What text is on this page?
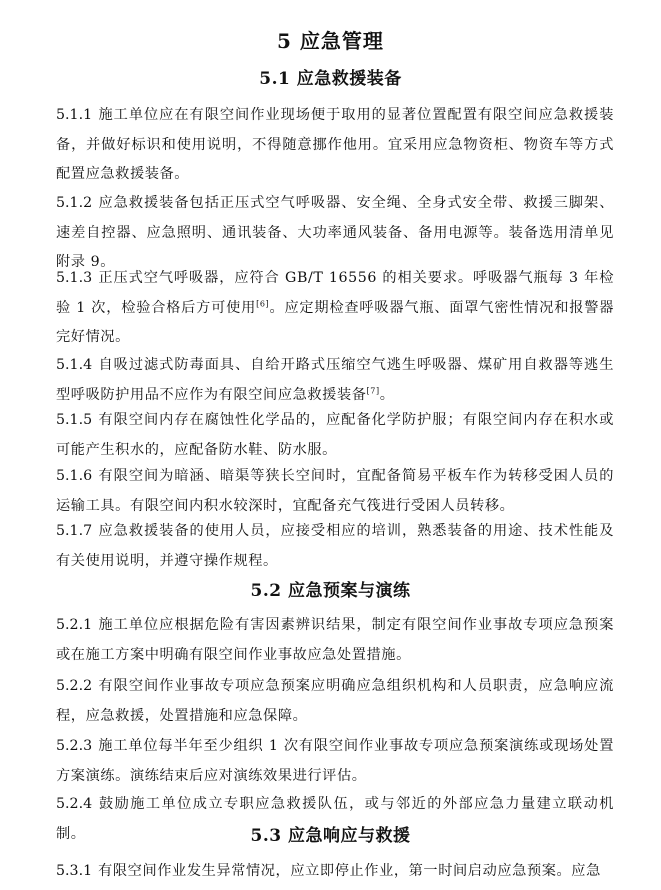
5 应急管理
5.1 应急救援装备
5.1.1 施工单位应在有限空间作业现场便于取用的显著位置配置有限空间应急救援装备，并做好标识和使用说明，不得随意挪作他用。宜采用应急物资柜、物资车等方式配置应急救援装备。
5.1.2 应急救援装备包括正压式空气呼吸器、安全绳、全身式安全带、救援三脚架、速差自控器、应急照明、通讯装备、大功率通风装备、备用电源等。装备选用清单见附录 9。
5.1.3 正压式空气呼吸器，应符合 GB/T 16556 的相关要求。呼吸器气瓶每 3 年检验 1 次，检验合格后方可使用[6]。应定期检查呼吸器气瓶、面罩气密性情况和报警器完好情况。
5.1.4 自吸过滤式防毒面具、自给开路式压缩空气逃生呼吸器、煤矿用自救器等逃生型呼吸防护用品不应作为有限空间应急救援装备[7]。
5.1.5 有限空间内存在腐蚀性化学品的，应配备化学防护服；有限空间内存在积水或可能产生积水的，应配备防水鞋、防水服。
5.1.6 有限空间为暗涵、暗渠等狭长空间时，宜配备简易平板车作为转移受困人员的运输工具。有限空间内积水较深时，宜配备充气筏进行受困人员转移。
5.1.7 应急救援装备的使用人员，应接受相应的培训，熟悉装备的用途、技术性能及有关使用说明，并遵守操作规程。
5.2 应急预案与演练
5.2.1 施工单位应根据危险有害因素辨识结果，制定有限空间作业事故专项应急预案或在施工方案中明确有限空间作业事故应急处置措施。
5.2.2 有限空间作业事故专项应急预案应明确应急组织机构和人员职责，应急响应流程，应急救援，处置措施和应急保障。
5.2.3 施工单位每半年至少组织 1 次有限空间作业事故专项应急预案演练或现场处置方案演练。演练结束后应对演练效果进行评估。
5.2.4 鼓励施工单位成立专职应急救援队伍，或与邻近的外部应急力量建立联动机制。	5.3 应急响应与救援
5.3.1 有限空间作业发生异常情况，应立即停止作业，第一时间启动应急预案。应急
